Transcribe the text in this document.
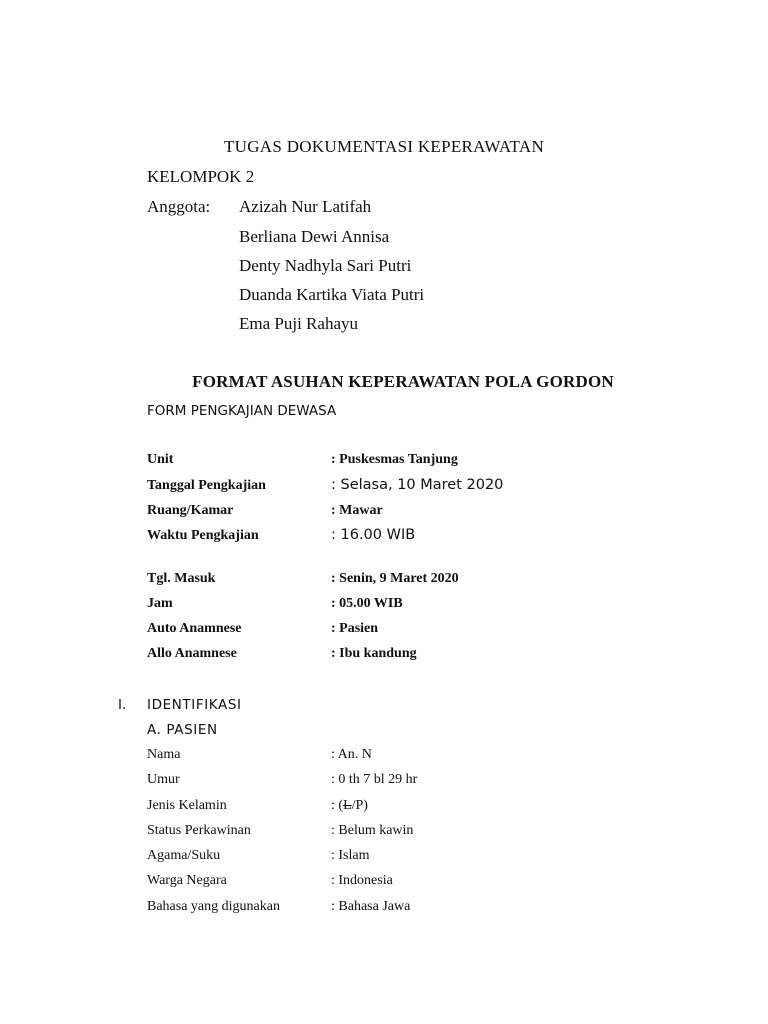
TUGAS DOKUMENTASI KEPERAWATAN
KELOMPOK 2
Anggota: Azizah Nur Latifah
Berliana Dewi Annisa
Denty Nadhyla Sari Putri
Duanda Kartika Viata Putri
Ema Puji Rahayu
FORMAT ASUHAN KEPERAWATAN POLA GORDON
FORM PENGKAJIAN DEWASA
Unit	: Puskesmas Tanjung
Tanggal Pengkajian	: Selasa, 10 Maret 2020
Ruang/Kamar	: Mawar
Waktu Pengkajian	: 16.00 WIB
Tgl. Masuk	: Senin, 9 Maret 2020
Jam	: 05.00 WIB
Auto Anamnese	: Pasien
Allo Anamnese	: Ibu kandung
I. IDENTIFIKASI
A. PASIEN
Nama	: An. N
Umur	: 0 th 7 bl 29 hr
Jenis Kelamin	: (L/P)
Status Perkawinan	: Belum kawin
Agama/Suku	: Islam
Warga Negara	: Indonesia
Bahasa yang digunakan	: Bahasa Jawa
